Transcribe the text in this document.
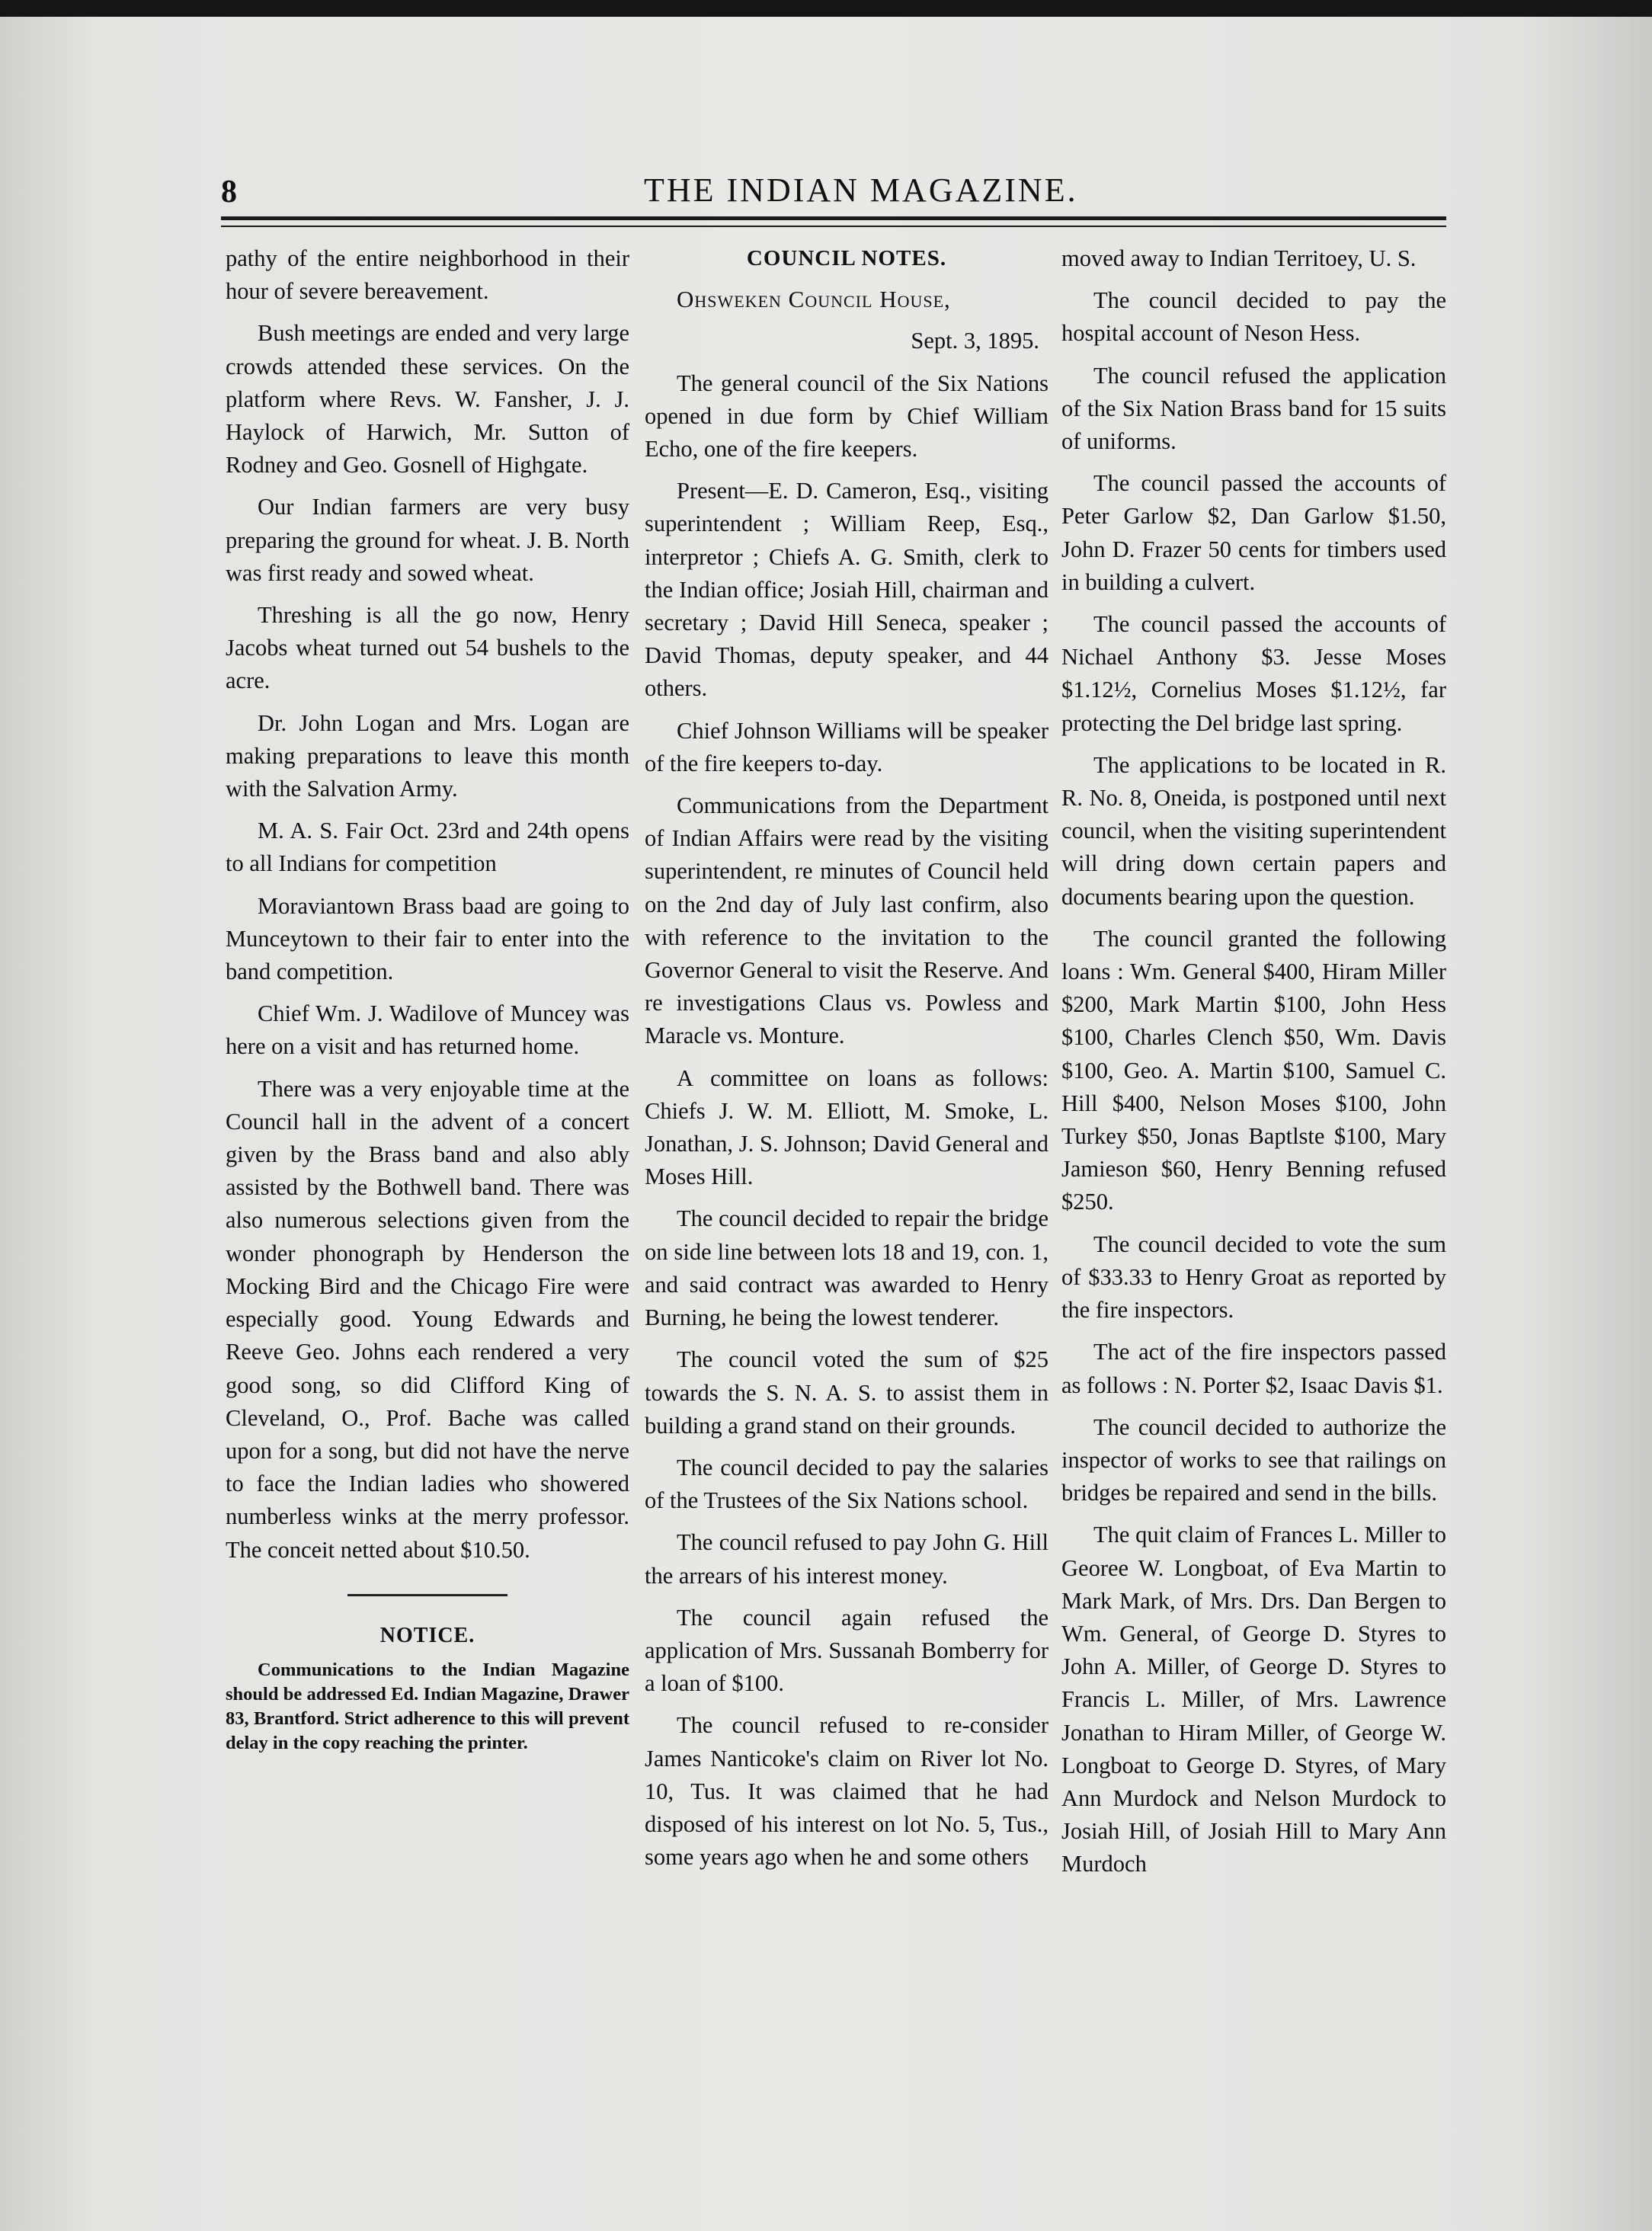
8	THE INDIAN MAGAZINE.

pathy of the entire neighborhood in their hour of severe bereavement.

Bush meetings are ended and very large crowds attended these services. On the platform where Revs. W. Fansher, J. J. Haylock of Harwich, Mr. Sutton of Rodney and Geo. Gosnell of Highgate.

Our Indian farmers are very busy preparing the ground for wheat. J. B. North was first ready and sowed wheat.

Threshing is all the go now, Henry Jacobs wheat turned out 54 bushels to the acre.

Dr. John Logan and Mrs. Logan are making preparations to leave this month with the Salvation Army.

M. A. S. Fair Oct. 23rd and 24th opens to all Indians for competition

Moraviantown Brass baad are going to Munceytown to their fair to enter into the band competition.

Chief Wm. J. Wadilove of Muncey was here on a visit and has returned home.

There was a very enjoyable time at the Council hall in the advent of a concert given by the Brass band and also ably assisted by the Bothwell band. There was also numerous selections given from the wonder phonograph by Henderson the Mocking Bird and the Chicago Fire were especially good. Young Edwards and Reeve Geo. Johns each rendered a very good song, so did Clifford King of Cleveland, O., Prof. Bache was called upon for a song, but did not have the nerve to face the Indian ladies who showered numberless winks at the merry professor. The conceit netted about $10.50.

NOTICE.

Communications to the Indian Magazine should be addressed Ed. Indian Magazine, Drawer 83, Brantford. Strict adherence to this will prevent delay in the copy reaching the printer.

COUNCIL NOTES.

Ohsweken Council House,

Sept. 3, 1895.

The general council of the Six Nations opened in due form by Chief William Echo, one of the fire keepers.

Present—E. D. Cameron, Esq., visiting superintendent ; William Reep, Esq., interpretor ; Chiefs A. G. Smith, clerk to the Indian office; Josiah Hill, chairman and secretary ; David Hill Seneca, speaker ; David Thomas, deputy speaker, and 44 others.

Chief Johnson Williams will be speaker of the fire keepers to-day.

Communications from the Department of Indian Affairs were read by the visiting superintendent, re minutes of Council held on the 2nd day of July last confirm, also with reference to the invitation to the Governor General to visit the Reserve. And re investigations Claus vs. Powless and Maracle vs. Monture.

A committee on loans as follows: Chiefs J. W. M. Elliott, M. Smoke, L. Jonathan, J. S. Johnson; David General and Moses Hill.

The council decided to repair the bridge on side line between lots 18 and 19, con. 1, and said contract was awarded to Henry Burning, he being the lowest tenderer.

The council voted the sum of $25 towards the S. N. A. S. to assist them in building a grand stand on their grounds.

The council decided to pay the salaries of the Trustees of the Six Nations school.

The council refused to pay John G. Hill the arrears of his interest money.

The council again refused the application of Mrs. Sussanah Bomberry for a loan of $100.

The council refused to re-consider James Nanticoke's claim on River lot No. 10, Tus. It was claimed that he had disposed of his interest on lot No. 5, Tus., some years ago when he and some others

moved away to Indian Territoey, U. S.

The council decided to pay the hospital account of Neson Hess.

The council refused the application of the Six Nation Brass band for 15 suits of uniforms.

The council passed the accounts of Peter Garlow $2, Dan Garlow $1.50, John D. Frazer 50 cents for timbers used in building a culvert.

The council passed the accounts of Nichael Anthony $3. Jesse Moses $1.12½, Cornelius Moses $1.12½, far protecting the Del bridge last spring.

The applications to be located in R. R. No. 8, Oneida, is postponed until next council, when the visiting superintendent will dring down certain papers and documents bearing upon the question.

The council granted the following loans : Wm. General $400, Hiram Miller $200, Mark Martin $100, John Hess $100, Charles Clench $50, Wm. Davis $100, Geo. A. Martin $100, Samuel C. Hill $400, Nelson Moses $100, John Turkey $50, Jonas Baptlste $100, Mary Jamieson $60, Henry Benning refused $250.

The council decided to vote the sum of $33.33 to Henry Groat as reported by the fire inspectors.

The act of the fire inspectors passed as follows : N. Porter $2, Isaac Davis $1.

The council decided to authorize the inspector of works to see that railings on bridges be repaired and send in the bills.

The quit claim of Frances L. Miller to Georee W. Longboat, of Eva Martin to Mark Mark, of Mrs. Drs. Dan Bergen to Wm. General, of George D. Styres to John A. Miller, of George D. Styres to Francis L. Miller, of Mrs. Lawrence Jonathan to Hiram Miller, of George W. Longboat to George D. Styres, of Mary Ann Murdock and Nelson Murdock to Josiah Hill, of Josiah Hill to Mary Ann Murdoch
